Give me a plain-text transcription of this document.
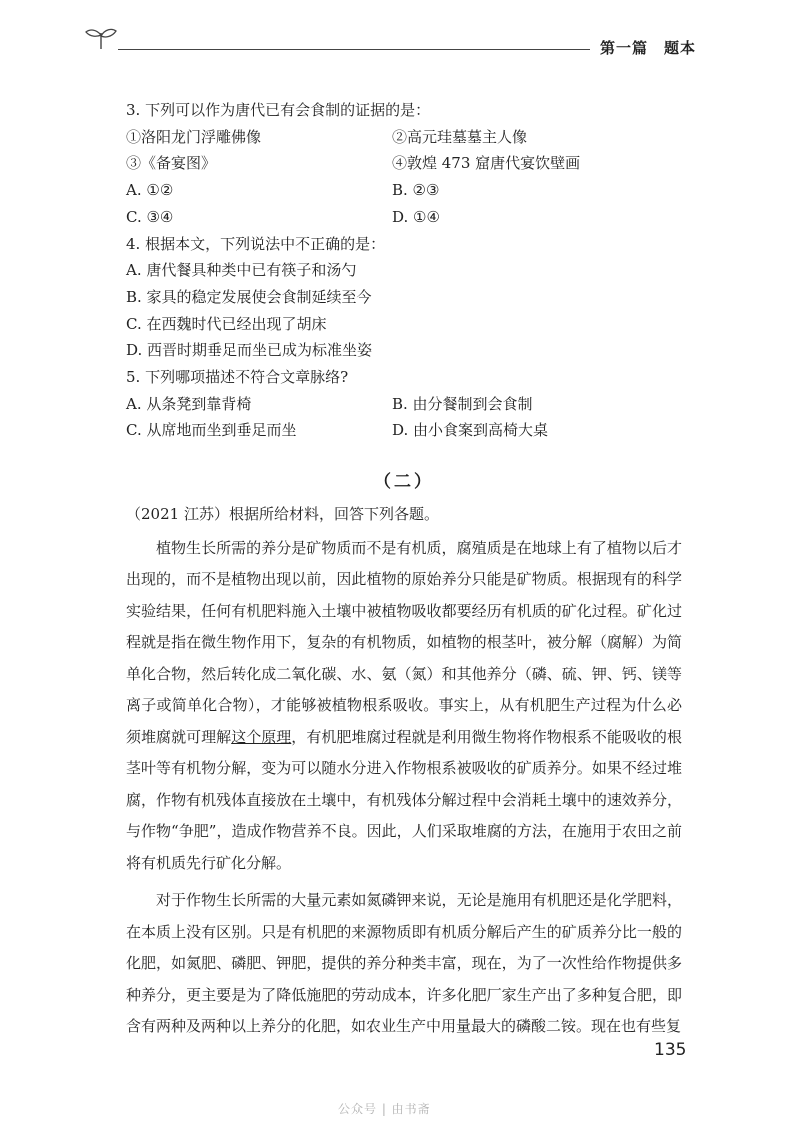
第一篇　题本
3. 下列可以作为唐代已有会食制的证据的是：
①洛阳龙门浮雕佛像	②高元珪墓墓主人像
③《备宴图》	④敦煌 473 窟唐代宴饮壁画
A. ①②	B. ②③
C. ③④	D. ①④
4. 根据本文，下列说法中不正确的是：
A. 唐代餐具种类中已有筷子和汤勺
B. 家具的稳定发展使会食制延续至今
C. 在西魏时代已经出现了胡床
D. 西晋时期垂足而坐已成为标准坐姿
5. 下列哪项描述不符合文章脉络?
A. 从条凳到靠背椅	B. 由分餐制到会食制
C. 从席地而坐到垂足而坐	D. 由小食案到高椅大桌
（二）
（2021 江苏）根据所给材料，回答下列各题。

植物生长所需的养分是矿物质而不是有机质，腐殖质是在地球上有了植物以后才出现的，而不是植物出现以前，因此植物的原始养分只能是矿物质。根据现有的科学实验结果，任何有机肥料施入土壤中被植物吸收都要经历有机质的矿化过程。矿化过程就是指在微生物作用下，复杂的有机物质，如植物的根茎叶，被分解（腐解）为简单化合物，然后转化成二氧化碳、水、氨（氮）和其他养分（磷、硫、钾、钙、镁等离子或简单化合物），才能够被植物根系吸收。事实上，从有机肥生产过程为什么必须堆腐就可理解这个原理，有机肥堆腐过程就是利用微生物将作物根系不能吸收的根茎叶等有机物分解，变为可以随水分进入作物根系被吸收的矿质养分。如果不经过堆腐，作物有机残体直接放在土壤中，有机残体分解过程中会消耗土壤中的速效养分，与作物“争肥”，造成作物营养不良。因此，人们采取堆腐的方法，在施用于农田之前将有机质先行矿化分解。

对于作物生长所需的大量元素如氮磷钾来说，无论是施用有机肥还是化学肥料，在本质上没有区别。只是有机肥的来源物质即有机质分解后产生的矿质养分比一般的化肥，如氮肥、磷肥、钾肥，提供的养分种类丰富，现在，为了一次性给作物提供多种养分，更主要是为了降低施肥的劳动成本，许多化肥厂家生产出了多种复合肥，即含有两种及两种以上养分的化肥，如农业生产中用量最大的磷酸二铵。现在也有些复

135
公众号 | 由书斋
